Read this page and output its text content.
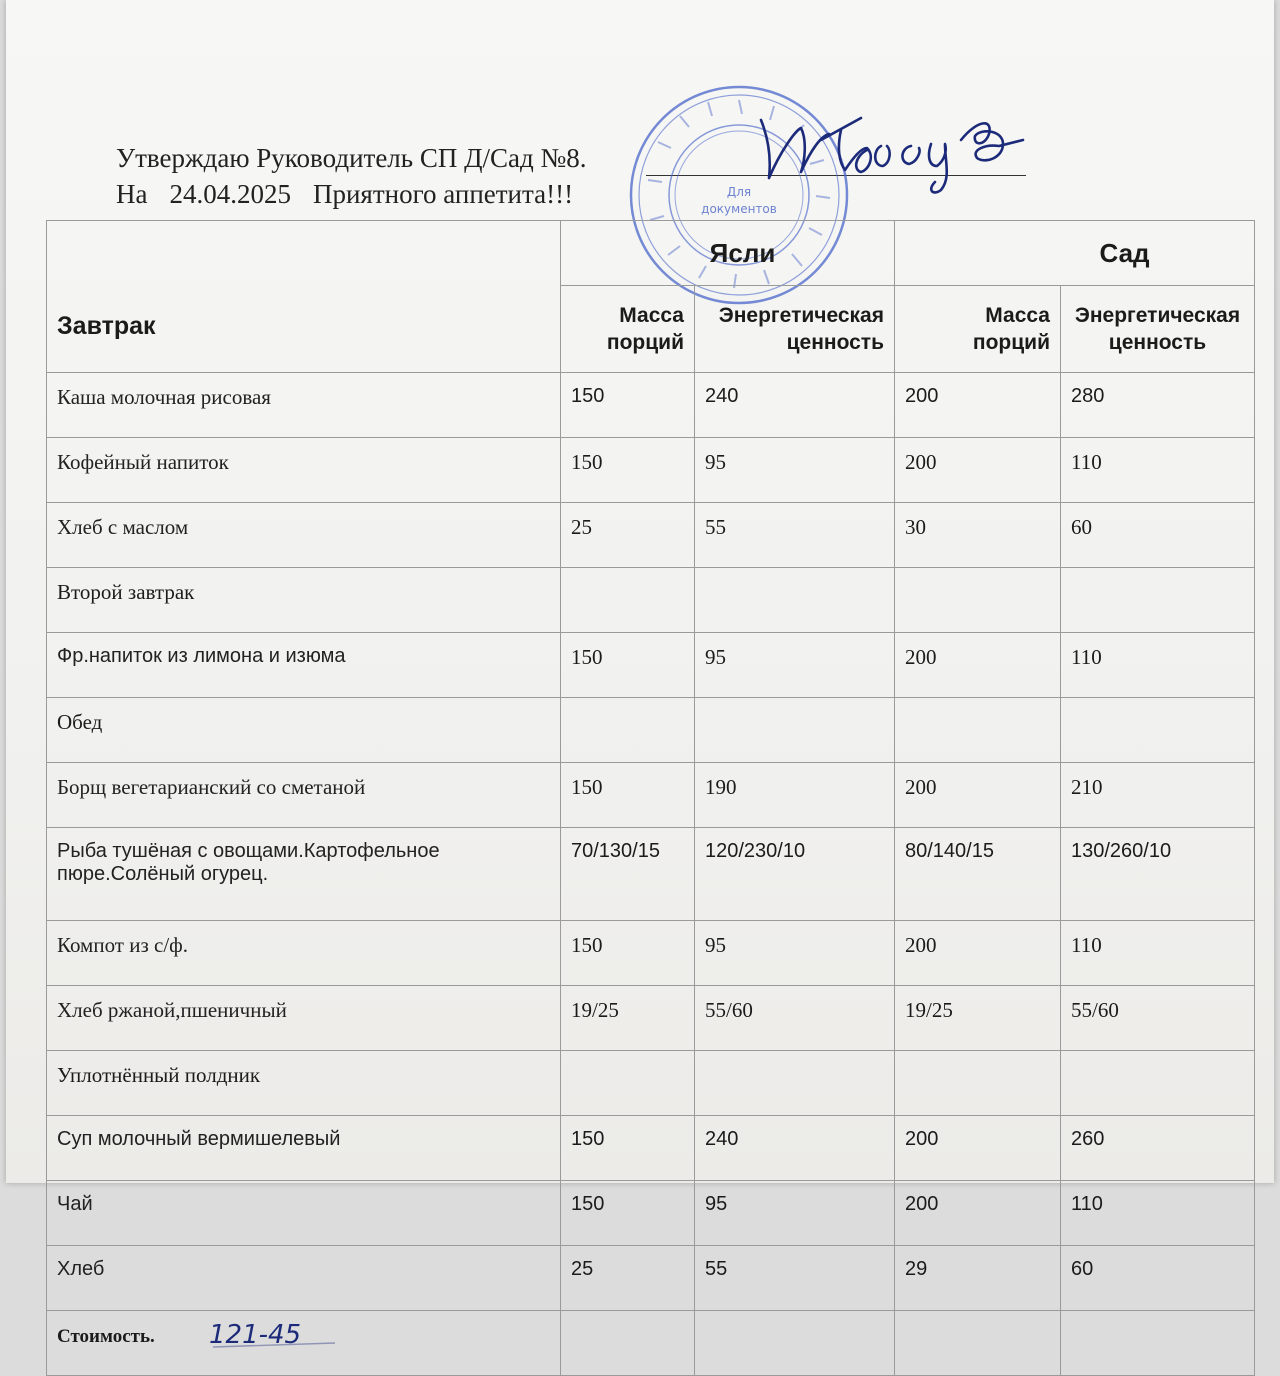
Утверждаю Руководитель СП Д/Сад №8.
На 24.04.2025 Приятного аппетита!!!	Для
документов
Завтрак	Ясли		Сад	
	Масса порций	Энергетическая ценность	Масса порций	Энергетическая ценность
Каша молочная рисовая	150	240	200	280
Кофейный напиток	150	95	200	110
Хлеб с маслом	25	55	30	60
Второй завтрак				
Фр.напиток из лимона и изюма	150	95	200	110
Обед				
Борщ вегетарианский со сметаной	150	190	200	210
Рыба тушёная с овощами.Картофельное пюре.Солёный огурец.	70/130/15	120/230/10	80/140/15	130/260/10
Компот из с/ф.	150	95	200	110
Хлеб ржаной,пшеничный	19/25	55/60	19/25	55/60
Уплотнённый полдник				
Суп молочный вермишелевый	150	240	200	260
Чай	150	95	200	110
Хлеб	25	55	29	60
Стоимость. 121-45				
